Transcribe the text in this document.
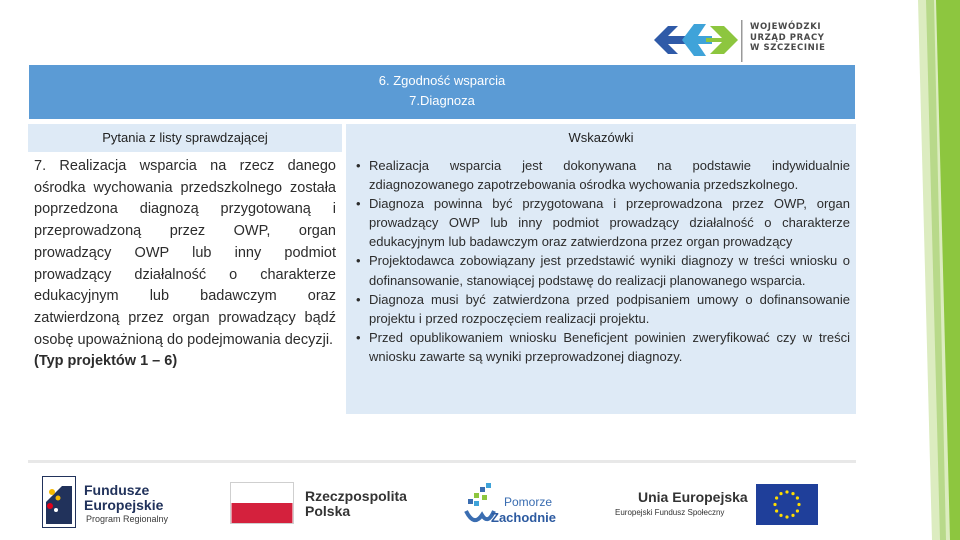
WOJEWÓDZKI
URZĄD PRACY
W SZCZECINIE
6. Zgodność wsparcia
7.Diagnoza
Pytania z listy sprawdzającej	Wskazówki
7. Realizacja wsparcia na rzecz danego ośrodka wychowania przedszkolnego została poprzedzona diagnozą przygotowaną i przeprowadzoną przez OWP, organ prowadzący OWP lub inny podmiot prowadzący działalność o charakterze edukacyjnym lub badawczym oraz zatwierdzoną przez organ prowadzący bądź osobę upoważnioną do podejmowania decyzji.
(Typ projektów 1 – 6)
• Realizacja wsparcia jest dokonywana na podstawie indywidualnie zdiagnozowanego zapotrzebowania ośrodka wychowania przedszkolnego.
• Diagnoza powinna być przygotowana i przeprowadzona przez OWP, organ prowadzący OWP lub inny podmiot prowadzący działalność o charakterze edukacyjnym lub badawczym oraz zatwierdzona przez organ prowadzący
• Projektodawca zobowiązany jest przedstawić wyniki diagnozy w treści wniosku o dofinansowanie, stanowiącej podstawę do realizacji planowanego wsparcia.
• Diagnoza musi być zatwierdzona przed podpisaniem umowy o dofinansowanie projektu i przed rozpoczęciem realizacji projektu.
• Przed opublikowaniem wniosku Beneficjent powinien zweryfikować czy w treści wniosku zawarte są wyniki przeprowadzonej diagnozy.
Fundusze
Europejskie
Program Regionalny
Rzeczpospolita
Polska
Pomorze
Zachodnie
Unia Europejska
Europejski Fundusz Społeczny
